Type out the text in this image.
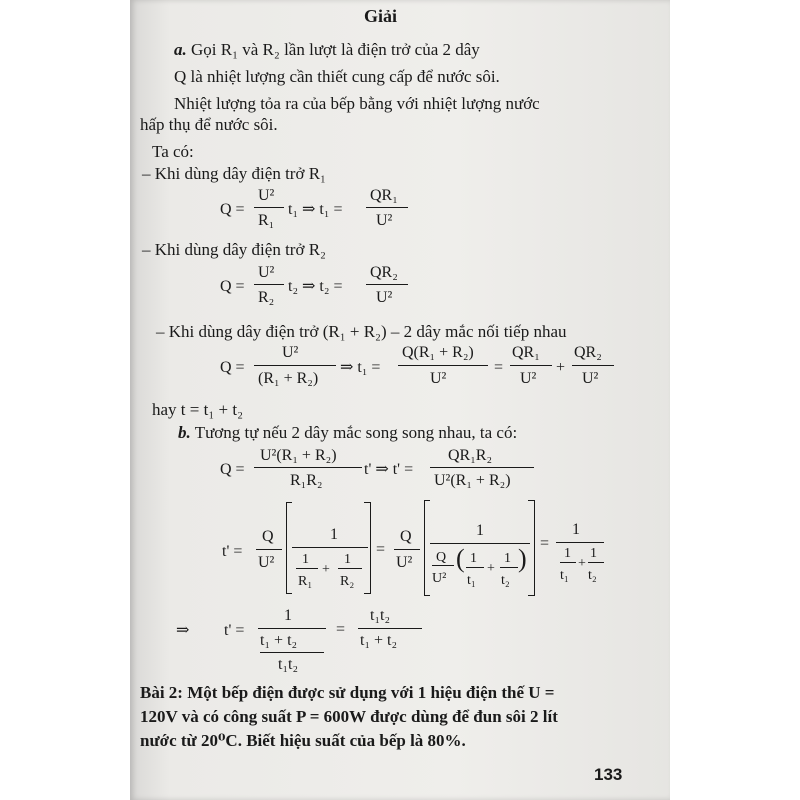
Giải
a. Gọi R₁ và R₂ lần lượt là điện trở của 2 dây
Q là nhiệt lượng cần thiết cung cấp để nước sôi.
Nhiệt lượng tỏa ra của bếp bằng với nhiệt lượng nước
hấp thụ để nước sôi.
Ta có:
– Khi dùng dây điện trở R₁
Q =
U²
R₁
t₁ ⇒ t₁ =
QR₁
U²
– Khi dùng dây điện trở R₂
Q =
U²
R₂
t₂ ⇒ t₂ =
QR₂
U²
– Khi dùng dây điện trở (R₁ + R₂) – 2 dây mắc nối tiếp nhau
Q =
U²
(R₁ + R₂)
⇒ t₁ =
Q(R₁ + R₂)
U²
=
QR₁
U²
+
QR₂
U²
hay t = t₁ + t₂
b. Tương tự nếu 2 dây mắc song song nhau, ta có:
Q =
U²(R₁ + R₂)
R₁R₂
t' ⇒ t' =
QR₁R₂
U²(R₁ + R₂)
t' =
Q
U²
1
1
R₁
+
1
R₂
=
Q
U²
1
Q
U²
( 1
t₁
+
1
t₂
)
=
1
1
t₁
+
1
t₂
⇒ t' =
1
t₁ + t₂
t₁t₂
=
t₁t₂
t₁ + t₂
Bài 2: Một bếp điện được sử dụng với 1 hiệu điện thế U =
120V và có công suất P = 600W được dùng để đun sôi 2 lít
nước từ 20⁰C. Biết hiệu suất của bếp là 80%.
133
